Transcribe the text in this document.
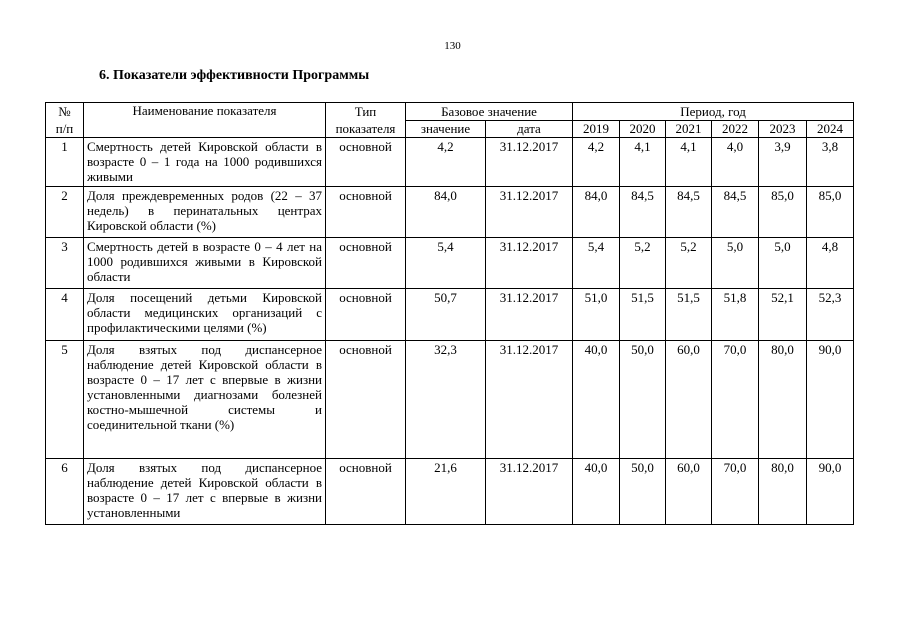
130
6. Показатели эффективности Программы
№
п/п	Наименование показателя	Тип показателя	Базовое значение		Период, год					
			значение	дата	2019	2020	2021	2022	2023	2024
1	Смертность детей Кировской области в возрасте 0 – 1 года на 1000 родившихся живыми	основной	4,2	31.12.2017	4,2	4,1	4,1	4,0	3,9	3,8
2	Доля преждевременных родов (22 – 37 недель) в перинатальных центрах Кировской области (%)	основной	84,0	31.12.2017	84,0	84,5	84,5	84,5	85,0	85,0
3	Смертность детей в возрасте 0 – 4 лет на 1000 родившихся живыми в Кировской области	основной	5,4	31.12.2017	5,4	5,2	5,2	5,0	5,0	4,8
4	Доля посещений детьми Кировской области медицинских организаций с профилактическими целями (%)	основной	50,7	31.12.2017	51,0	51,5	51,5	51,8	52,1	52,3
5	Доля взятых под диспансерное наблюдение детей Кировской области в возрасте 0 – 17 лет с впервые в жизни установленными диагнозами болезней костно-мышечной системы и соединительной ткани (%)	основной	32,3	31.12.2017	40,0	50,0	60,0	70,0	80,0	90,0
6	Доля взятых под диспансерное наблюдение детей Кировской области в возрасте 0 – 17 лет с впервые в жизни установленными	основной	21,6	31.12.2017	40,0	50,0	60,0	70,0	80,0	90,0
